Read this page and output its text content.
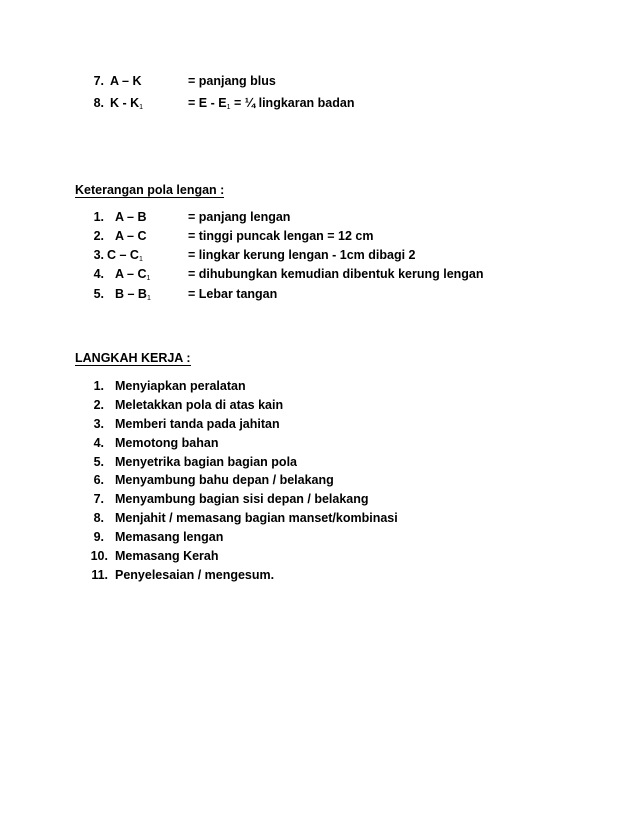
7. A – K	= panjang blus
8. K - $K_1$	= E - $E_1$ = ¼ lingkaran badan
Keterangan pola lengan :
1. A – B	= panjang lengan
2. A – C	= tinggi puncak lengan = 12 cm
3. C – $C_1$	= lingkar kerung lengan - 1cm dibagi 2
4. A – $C_1$	= dihubungkan kemudian dibentuk kerung lengan
5. B – $B_1$	= Lebar tangan
LANGKAH KERJA :
1. Menyiapkan peralatan
2. Meletakkan pola di atas kain
3. Memberi tanda pada jahitan
4. Memotong bahan
5. Menyetrika bagian bagian pola
6. Menyambung bahu depan / belakang
7. Menyambung bagian sisi depan / belakang
8. Menjahit / memasang bagian manset/kombinasi
9. Memasang lengan
10. Memasang Kerah
11. Penyelesaian / mengesum.
